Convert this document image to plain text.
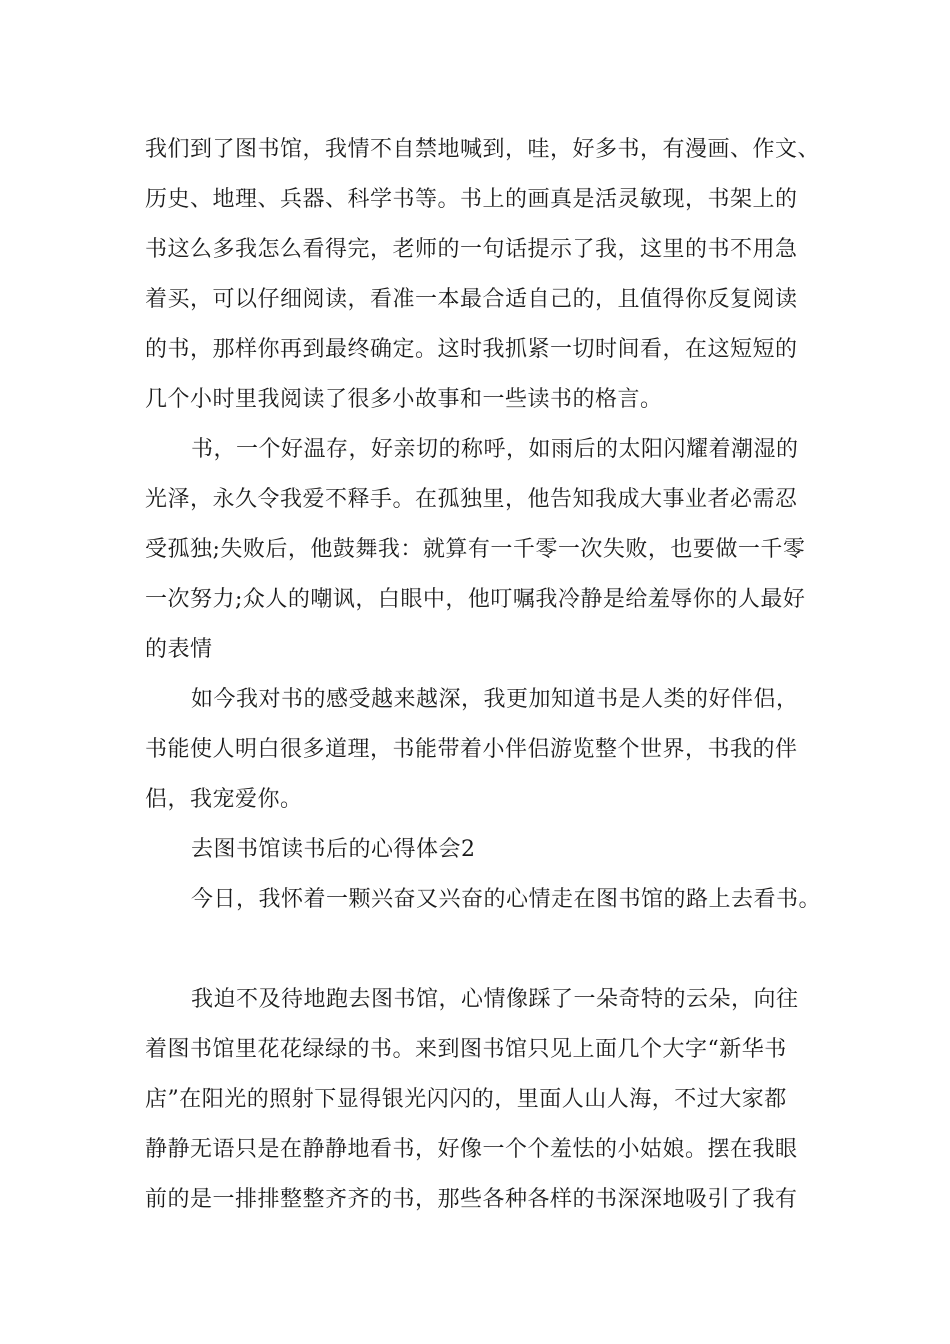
我们到了图书馆，我情不自禁地喊到，哇，好多书，有漫画、作文、

历史、地理、兵器、科学书等。书上的画真是活灵敏现，书架上的

书这么多我怎么看得完，老师的一句话提示了我，这里的书不用急

着买，可以仔细阅读，看准一本最合适自己的，且值得你反复阅读

的书，那样你再到最终确定。这时我抓紧一切时间看，在这短短的

几个小时里我阅读了很多小故事和一些读书的格言。

书，一个好温存，好亲切的称呼，如雨后的太阳闪耀着潮湿的

光泽，永久令我爱不释手。在孤独里，他告知我成大事业者必需忍

受孤独;失败后，他鼓舞我：就算有一千零一次失败，也要做一千零

一次努力;众人的嘲讽，白眼中，他叮嘱我冷静是给羞辱你的人最好

的表情

如今我对书的感受越来越深，我更加知道书是人类的好伴侣，

书能使人明白很多道理，书能带着小伴侣游览整个世界，书我的伴

侣，我宠爱你。

去图书馆读书后的心得体会2

今日，我怀着一颗兴奋又兴奋的心情走在图书馆的路上去看书。

我迫不及待地跑去图书馆，心情像踩了一朵奇特的云朵，向往

着图书馆里花花绿绿的书。来到图书馆只见上面几个大字“新华书

店”在阳光的照射下显得银光闪闪的，里面人山人海，不过大家都

静静无语只是在静静地看书，好像一个个羞怯的小姑娘。摆在我眼

前的是一排排整整齐齐的书，那些各种各样的书深深地吸引了我有
